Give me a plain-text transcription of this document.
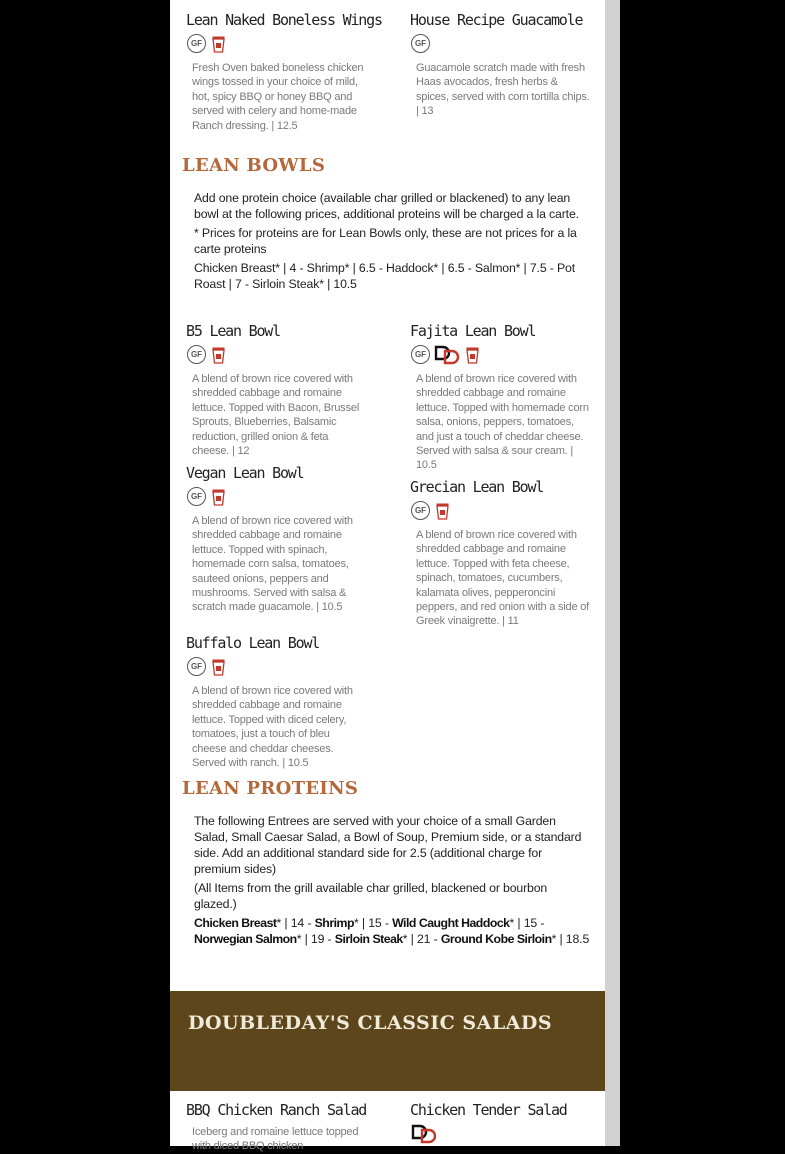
Lean Naked Boneless Wings

GF

Fresh Oven baked boneless chicken wings tossed in your choice of mild, hot, spicy BBQ or honey BBQ and served with celery and home-made Ranch dressing. | 12.5

House Recipe Guacamole

GF

Guacamole scratch made with fresh Haas avocados, fresh herbs & spices, served with corn tortilla chips. | 13

LEAN BOWLS

Add one protein choice (available char grilled or blackened) to any lean bowl at the following prices, additional proteins will be charged a la carte.

* Prices for proteins are for Lean Bowls only, these are not prices for a la carte proteins

Chicken Breast* | 4 - Shrimp* | 6.5 - Haddock* | 6.5 - Salmon* | 7.5 - Pot Roast | 7 - Sirloin Steak* | 10.5

B5 Lean Bowl

GF

A blend of brown rice covered with shredded cabbage and romaine lettuce. Topped with Bacon, Brussel Sprouts, Blueberries, Balsamic reduction, grilled onion & feta cheese. | 12

Fajita Lean Bowl

GF

A blend of brown rice covered with shredded cabbage and romaine lettuce. Topped with homemade corn salsa, onions, peppers, tomatoes, and just a touch of cheddar cheese. Served with salsa & sour cream. | 10.5

Vegan Lean Bowl

GF

A blend of brown rice covered with shredded cabbage and romaine lettuce. Topped with spinach, homemade corn salsa, tomatoes, sauteed onions, peppers and mushrooms. Served with salsa & scratch made guacamole. | 10.5

Grecian Lean Bowl

GF

A blend of brown rice covered with shredded cabbage and romaine lettuce. Topped with feta cheese, spinach, tomatoes, cucumbers, kalamata olives, pepperoncini peppers, and red onion with a side of Greek vinaigrette. | 11

Buffalo Lean Bowl

GF

A blend of brown rice covered with shredded cabbage and romaine lettuce. Topped with diced celery, tomatoes, just a touch of bleu cheese and cheddar cheeses. Served with ranch. | 10.5

LEAN PROTEINS

The following Entrees are served with your choice of a small Garden Salad, Small Caesar Salad, a Bowl of Soup, Premium side, or a standard side. Add an additional standard side for 2.5 (additional charge for premium sides)

(All Items from the grill available char grilled, blackened or bourbon glazed.)

Chicken Breast* | 14 - Shrimp* | 15 - Wild Caught Haddock* | 15 - Norwegian Salmon* | 19 - Sirloin Steak* | 21 - Ground Kobe Sirloin* | 18.5

DOUBLEDAY'S CLASSIC SALADS

BBQ Chicken Ranch Salad

Iceberg and romaine lettuce topped with diced BBQ chicken

Chicken Tender Salad
